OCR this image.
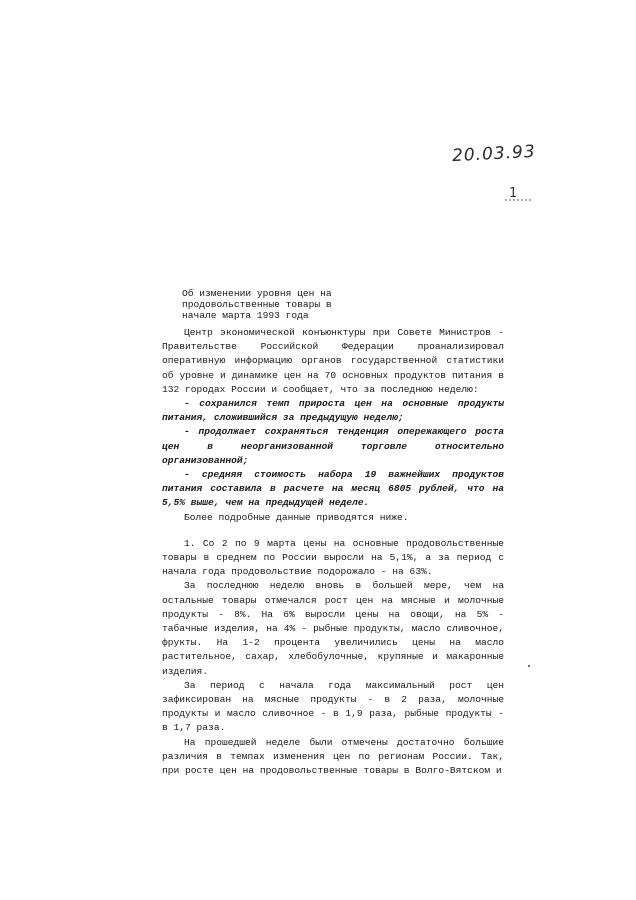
20.03.93
1
Об изменении уровня цен на
продовольственные товары в
начале марта 1993 года

Центр экономической конъюнктуры при Совете Министров - Правительстве Российской Федерации проанализировал оперативную информацию органов государственной статистики об уровне и динамике цен на 70 основных продуктов питания в 132 городах России и сообщает, что за последнюю неделю:

- сохранился темп прироста цен на основные продукты питания, сложившийся за предыдущую неделю;

- продолжает сохраняться тенденция опережающего роста цен в неорганизованной торговле относительно организованной;

- средняя стоимость набора 19 важнейших продуктов питания составила в расчете на месяц 6805 рублей, что на 5,5% выше, чем на предыдущей неделе.

Более подробные данные приводятся ниже.

1. Со 2 по 9 марта цены на основные продовольственные товары в среднем по России выросли на 5,1%, а за период с начала года продовольствие подорожало - на 63%.

За последнюю неделю вновь в большей мере, чем на остальные товары отмечался рост цен на мясные и молочные продукты - 8%. На 6% выросли цены на овощи, на 5% - табачные изделия, на 4% - рыбные продукты, масло сливочное, фрукты. На 1-2 процента увеличились цены на масло растительное, сахар, хлебобулочные, крупяные и макаронные изделия.

За период с начала года максимальный рост цен зафиксирован на мясные продукты - в 2 раза, молочные продукты и масло сливочное - в 1,9 раза, рыбные продукты - в 1,7 раза.

На прошедшей неделе были отмечены достаточно большие различия в темпах изменения цен по регионам России. Так, при росте цен на продовольственные товары в Волго-Вятском и
